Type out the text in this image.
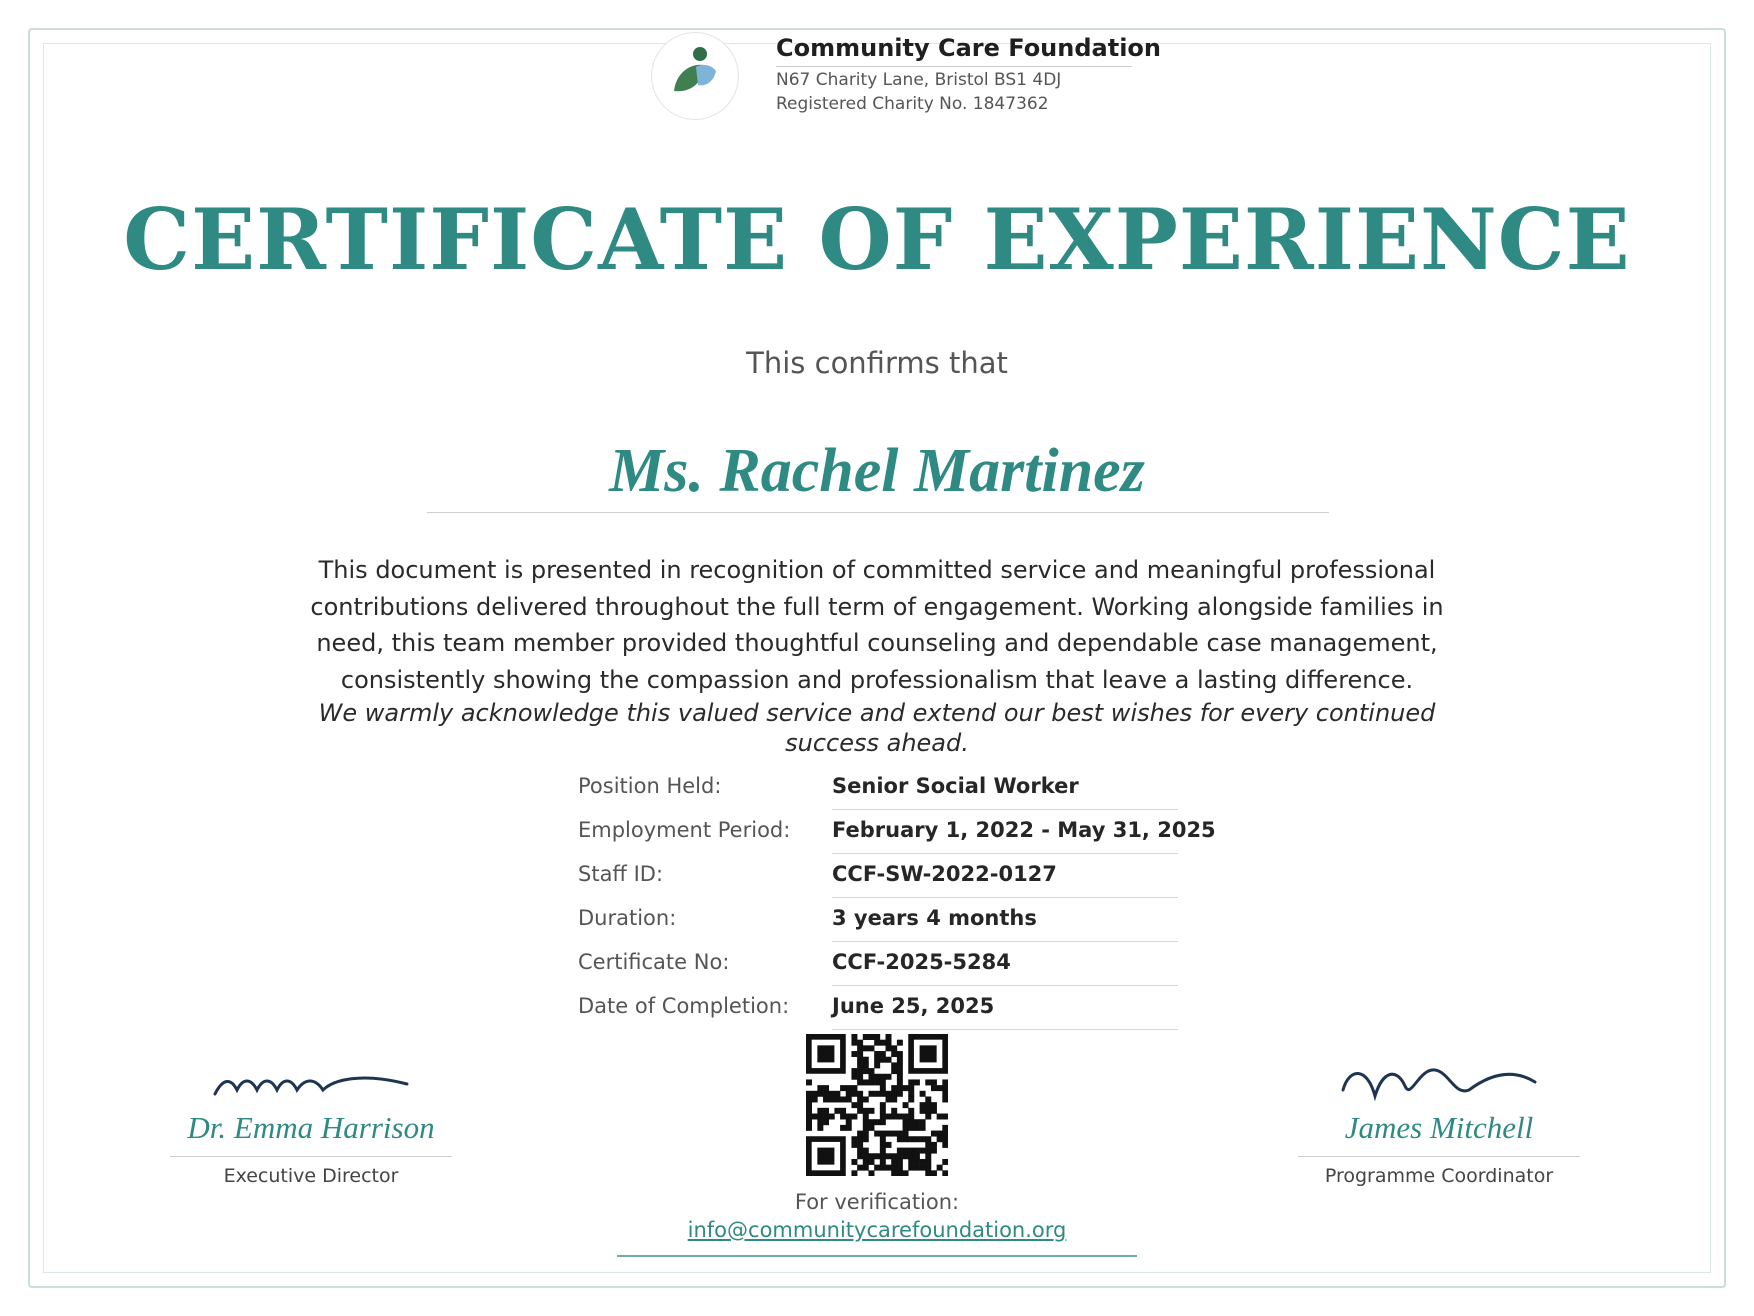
Community Care Foundation
N67 Charity Lane, Bristol BS1 4DJ
Registered Charity No. 1847362
CERTIFICATE OF EXPERIENCE
This confirms that
Ms. Rachel Martinez
This document is presented in recognition of committed service and meaningful professional contributions delivered throughout the full term of engagement. Working alongside families in need, this team member provided thoughtful counseling and dependable case management, consistently showing the compassion and professionalism that leave a lasting difference.
We warmly acknowledge this valued service and extend our best wishes for every continued success ahead.
Position Held:	Senior Social Worker
Employment Period: February 1, 2022 - May 31, 2025
Staff ID:	CCF-SW-2022-0127
Duration:	3 years 4 months
Certificate No:	CCF-2025-5284
Date of Completion: June 25, 2025
For verification:
info@communitycarefoundation.org
Dr. Emma Harrison
Executive Director
James Mitchell
Programme Coordinator
